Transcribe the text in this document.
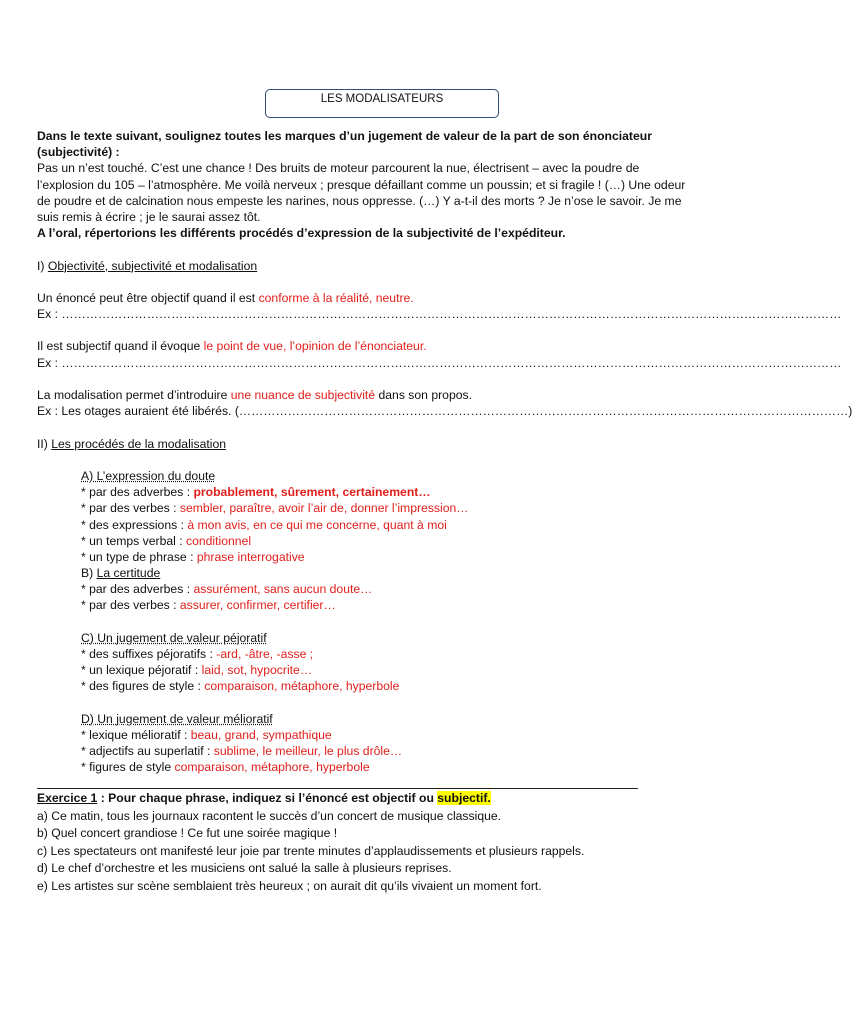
LES MODALISATEURS
Dans le texte suivant, soulignez toutes les marques d’un jugement de valeur de la part de son énonciateur
(subjectivité) :
Pas un n’est touché. C’est une chance ! Des bruits de moteur parcourent la nue, électrisent – avec la poudre de
l’explosion du 105 – l’atmosphère. Me voilà nerveux ; presque défaillant comme un poussin; et si fragile ! (…) Une odeur
de poudre et de calcination nous empeste les narines, nous oppresse. (…) Y a-t-il des morts ? Je n’ose le savoir. Je me
suis remis à écrire ; je le saurai assez tôt.
A l’oral, répertorions les différents procédés d’expression de la subjectivité de l’expéditeur.
I) Objectivité, subjectivité et modalisation
Un énoncé peut être objectif quand il est conforme à la réalité, neutre.
Ex : …………………………………………………………………………………………………………………………………………………………………………
Il est subjectif quand il évoque le point de vue, l’opinion de l’énonciateur.
Ex : …………………………………………………………………………………………………………………………………………………………………………
La modalisation permet d’introduire une nuance de subjectivité dans son propos.
Ex : Les otages auraient été libérés. (……………………………………………………………………………………………………………………………………)
II) Les procédés de la modalisation
A) L’expression du doute
* par des adverbes : probablement, sûrement, certainement…
* par des verbes : sembler, paraître, avoir l’air de, donner l’impression…
* des expressions : à mon avis, en ce qui me concerne, quant à moi
* un temps verbal : conditionnel
* un type de phrase : phrase interrogative
B) La certitude
* par des adverbes : assurément, sans aucun doute…
* par des verbes : assurer, confirmer, certifier…
C) Un jugement de valeur péjoratif
* des suffixes péjoratifs : -ard, -âtre, -asse ;
* un lexique péjoratif : laid, sot, hypocrite…
* des figures de style : comparaison, métaphore, hyperbole
D) Un jugement de valeur mélioratif
* lexique mélioratif : beau, grand, sympathique
* adjectifs au superlatif : sublime, le meilleur, le plus drôle…
* figures de style comparaison, métaphore, hyperbole
Exercice 1 : Pour chaque phrase, indiquez si l’énoncé est objectif ou subjectif.
a) Ce matin, tous les journaux racontent le succès d’un concert de musique classique.
b) Quel concert grandiose ! Ce fut une soirée magique !
c) Les spectateurs ont manifesté leur joie par trente minutes d’applaudissements et plusieurs rappels.
d) Le chef d’orchestre et les musiciens ont salué la salle à plusieurs reprises.
e) Les artistes sur scène semblaient très heureux ; on aurait dit qu’ils vivaient un moment fort.
